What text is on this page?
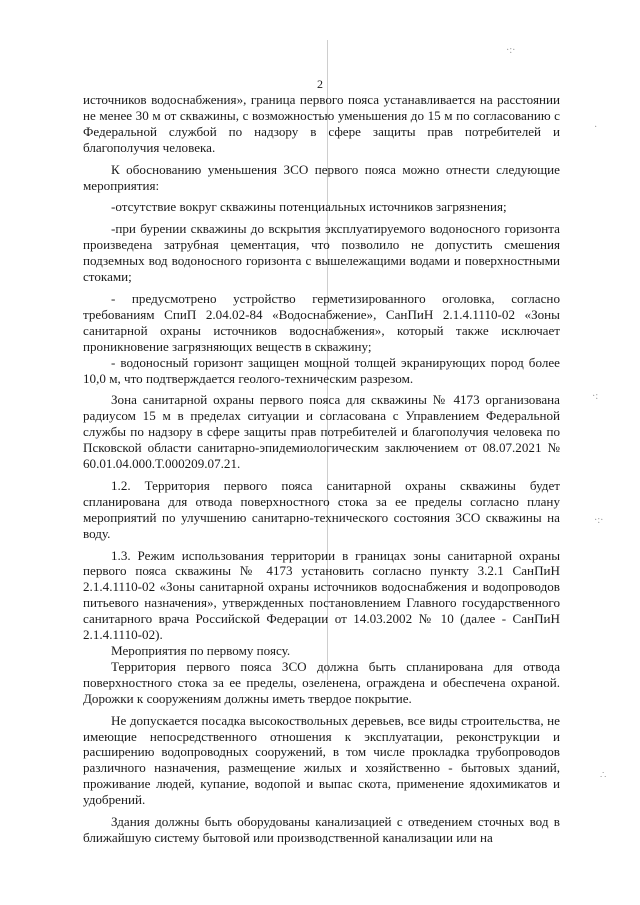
·:·
·
·:
·:·
∴
2

источников водоснабжения», граница первого пояса устанавливается на расстоянии не менее 30 м от скважины, с возможностью уменьшения до 15 м по согласованию с Федеральной службой по надзору в сфере защиты прав потребителей и благополучия человека.

К обоснованию уменьшения ЗСО первого пояса можно отнести следующие мероприятия:

-отсутствие вокруг скважины потенциальных источников загрязнения;

-при бурении скважины до вскрытия эксплуатируемого водоносного горизонта произведена затрубная цементация, что позволило не допустить смешения подземных вод водоносного горизонта с вышележащими водами и поверхностными стоками;

- предусмотрено устройство герметизированного оголовка, согласно требованиям СпиП 2.04.02-84 «Водоснабжение», СанПиН 2.1.4.1110-02 «Зоны санитарной охраны источников водоснабжения», который также исключает проникновение загрязняющих веществ в скважину;

- водоносный горизонт защищен мощной толщей экранирующих пород более 10,0 м, что подтверждается геолого-техническим разрезом.

Зона санитарной охраны первого пояса для скважины № 4173 организована радиусом 15 м в пределах ситуации и согласована с Управлением Федеральной службы по надзору в сфере защиты прав потребителей и благополучия человека по Псковской области санитарно-эпидемиологическим заключением от 08.07.2021 № 60.01.04.000.Т.000209.07.21.

1.2. Территория первого пояса санитарной охраны скважины будет спланирована для отвода поверхностного стока за ее пределы согласно плану мероприятий по улучшению санитарно-технического состояния ЗСО скважины на воду.

1.3. Режим использования территории в границах зоны санитарной охраны первого пояса скважины № 4173 установить согласно пункту 3.2.1 СанПиН 2.1.4.1110-02 «Зоны санитарной охраны источников водоснабжения и водопроводов питьевого назначения», утвержденных постановлением Главного государственного санитарного врача Российской Федерации от 14.03.2002 № 10 (далее - СанПиН 2.1.4.1110-02).

Мероприятия по первому поясу.

Территория первого пояса ЗСО должна быть спланирована для отвода поверхностного стока за ее пределы, озеленена, ограждена и обеспечена охраной. Дорожки к сооружениям должны иметь твердое покрытие.

Не допускается посадка высокоствольных деревьев, все виды строительства, не имеющие непосредственного отношения к эксплуатации, реконструкции и расширению водопроводных сооружений, в том числе прокладка трубопроводов различного назначения, размещение жилых и хозяйственно - бытовых зданий, проживание людей, купание, водопой и выпас скота, применение ядохимикатов и удобрений.

Здания должны быть оборудованы канализацией с отведением сточных вод в ближайшую систему бытовой или производственной канализации или на
